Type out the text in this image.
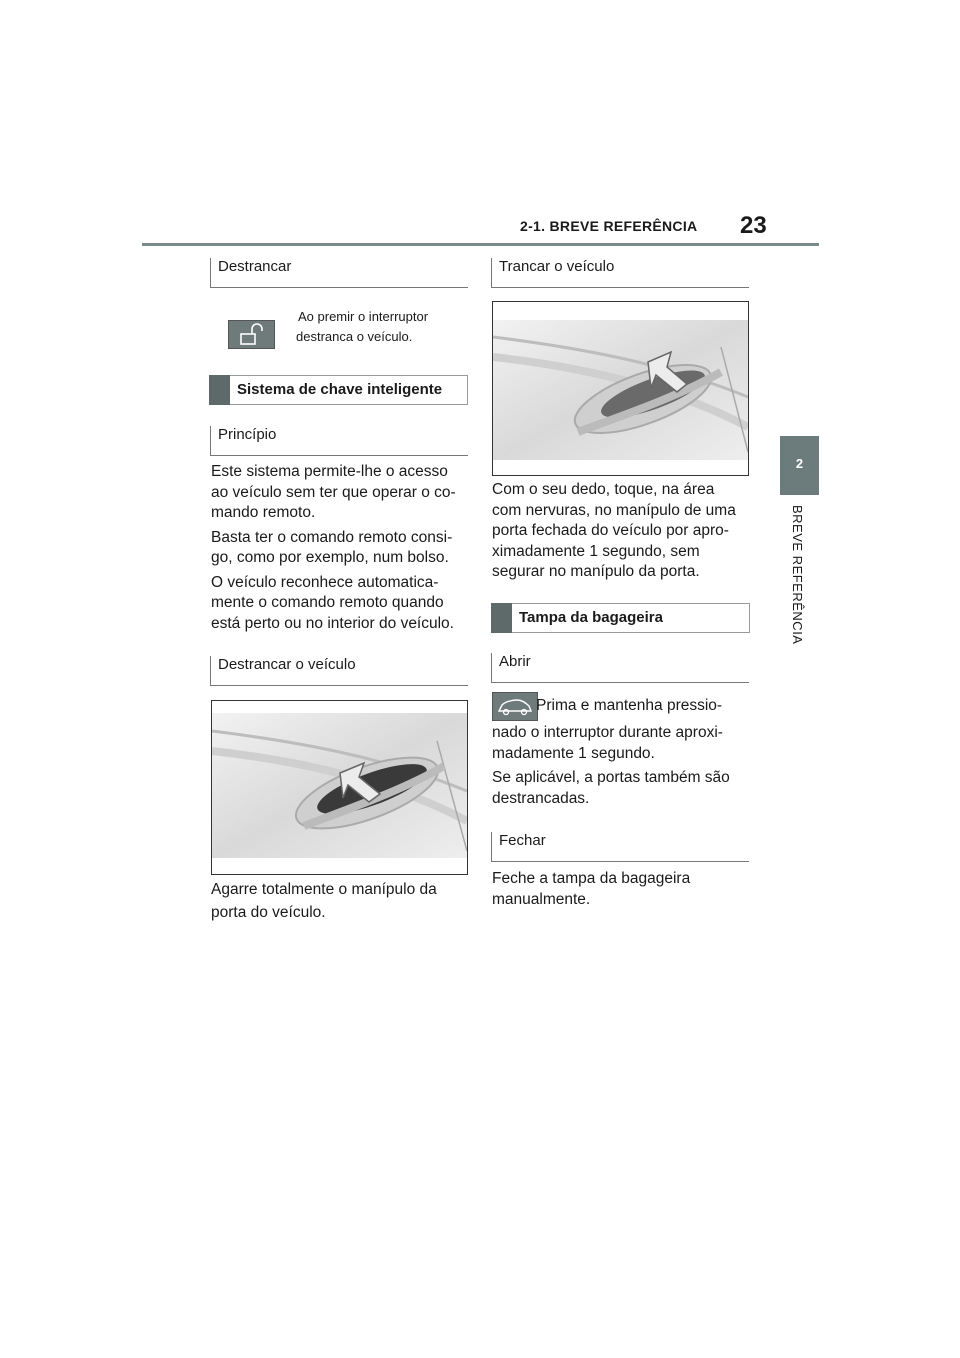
2-1. BREVE REFERÊNCIA 23
2
BREVE REFERÊNCIA
Destrancar
Ao premir o interruptor
destranca o veículo.
Sistema de chave inteligente
Princípio
Este sistema permite-lhe o acesso
ao veículo sem ter que operar o co-
mando remoto.
Basta ter o comando remoto consi-
go, como por exemplo, num bolso.
O veículo reconhece automatica-
mente o comando remoto quando
está perto ou no interior do veículo.
Destrancar o veículo
Agarre totalmente o manípulo da
porta do veículo.
Trancar o veículo
Com o seu dedo, toque, na área
com nervuras, no manípulo de uma
porta fechada do veículo por apro-
ximadamente 1 segundo, sem
segurar no manípulo da porta.
Tampa da bagageira
Abrir
Prima e mantenha pressio-
nado o interruptor durante aproxi-
madamente 1 segundo.
Se aplicável, a portas também são
destrancadas.
Fechar
Feche a tampa da bagageira
manualmente.
